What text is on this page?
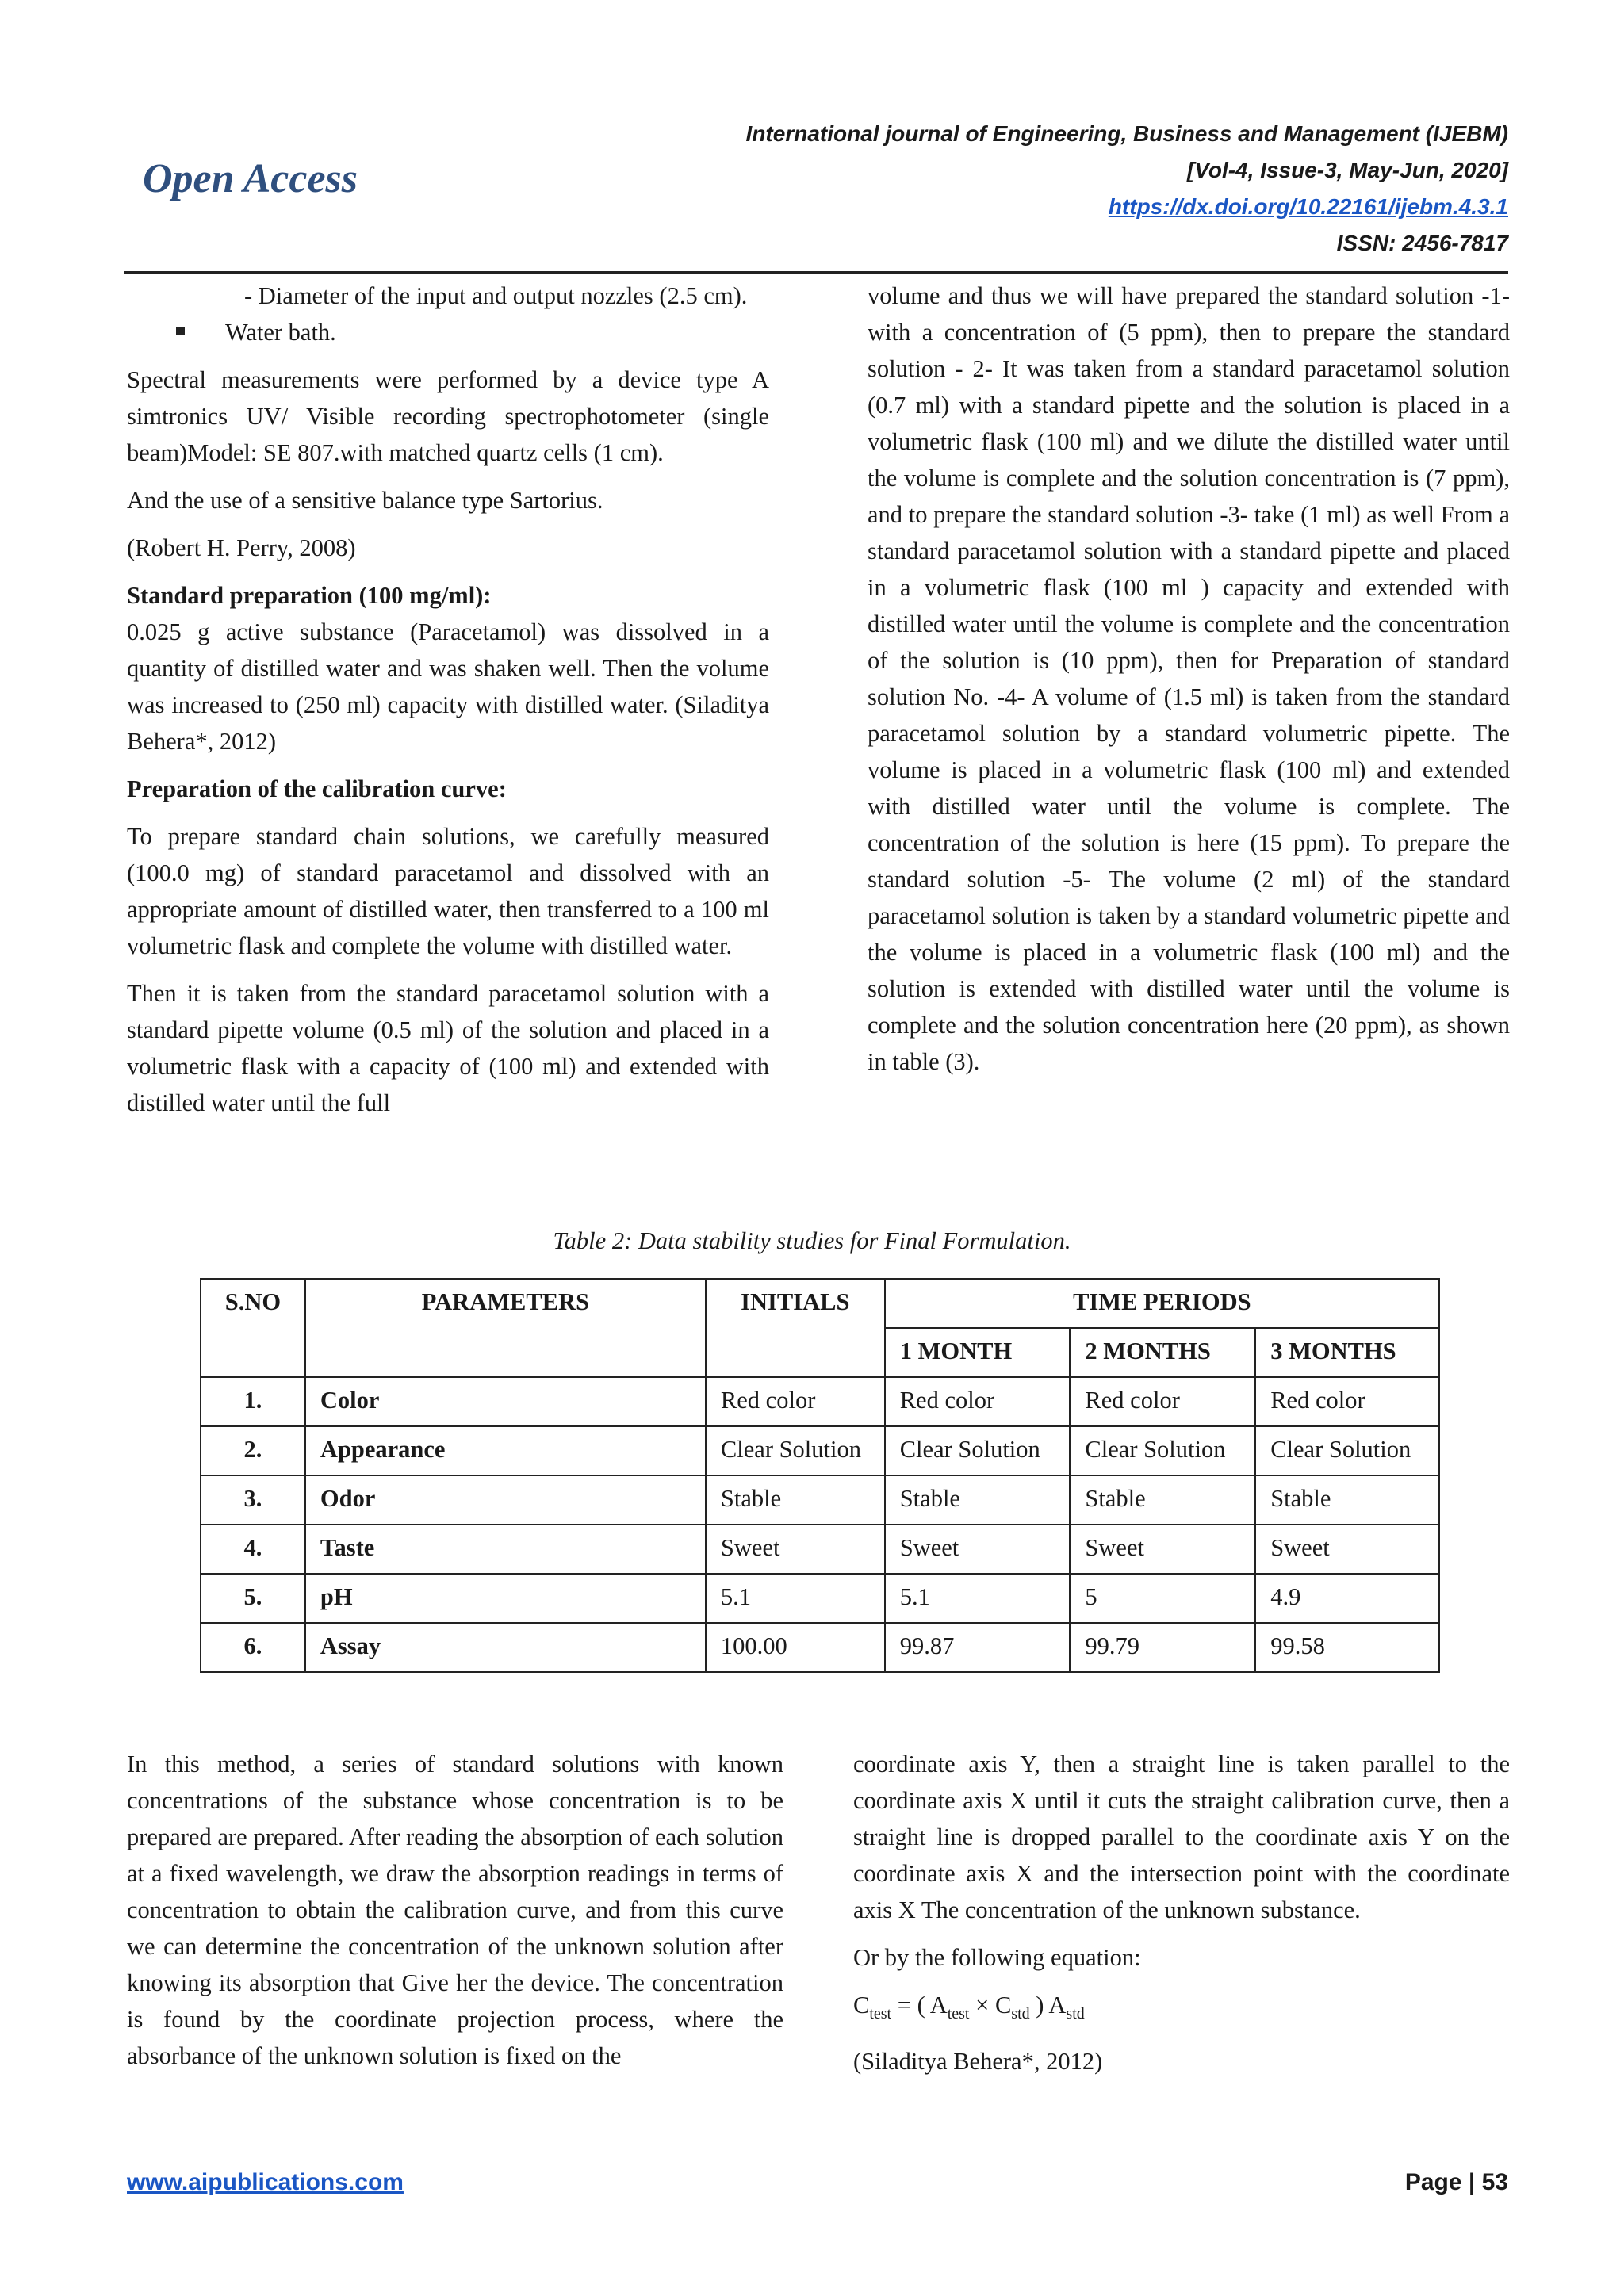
International journal of Engineering, Business and Management (IJEBM)
[Vol-4, Issue-3, May-Jun, 2020]
https://dx.doi.org/10.22161/ijebm.4.3.1
ISSN: 2456-7817
Open Access

- Diameter of the input and output nozzles (2.5 cm).

Water bath.

Spectral measurements were performed by a device type A simtronics UV/ Visible recording spectrophotometer (single beam)Model: SE 807.with matched quartz cells (1 cm).

And the use of a sensitive balance type Sartorius.

(Robert H. Perry, 2008)

Standard preparation (100 mg/ml):

0.025 g active substance (Paracetamol) was dissolved in a quantity of distilled water and was shaken well. Then the volume was increased to (250 ml) capacity with distilled water. (Siladitya Behera*, 2012)

Preparation of the calibration curve:

To prepare standard chain solutions, we carefully measured (100.0 mg) of standard paracetamol and dissolved with an appropriate amount of distilled water, then transferred to a 100 ml volumetric flask and complete the volume with distilled water.

Then it is taken from the standard paracetamol solution with a standard pipette volume (0.5 ml) of the solution and placed in a volumetric flask with a capacity of (100 ml) and extended with distilled water until the full

volume and thus we will have prepared the standard solution -1- with a concentration of (5 ppm), then to prepare the standard solution - 2- It was taken from a standard paracetamol solution (0.7 ml) with a standard pipette and the solution is placed in a volumetric flask (100 ml) and we dilute the distilled water until the volume is complete and the solution concentration is (7 ppm), and to prepare the standard solution -3- take (1 ml) as well From a standard paracetamol solution with a standard pipette and placed in a volumetric flask (100 ml ) capacity and extended with distilled water until the volume is complete and the concentration of the solution is (10 ppm), then for Preparation of standard solution No. -4- A volume of (1.5 ml) is taken from the standard paracetamol solution by a standard volumetric pipette. The volume is placed in a volumetric flask (100 ml) and extended with distilled water until the volume is complete. The concentration of the solution is here (15 ppm). To prepare the standard solution -5- The volume (2 ml) of the standard paracetamol solution is taken by a standard volumetric pipette and the volume is placed in a volumetric flask (100 ml) and the solution is extended with distilled water until the volume is complete and the solution concentration here (20 ppm), as shown in table (3).

Table 2: Data stability studies for Final Formulation.
S.NO	PARAMETERS	INITIALS	TIME PERIODS		
			1 MONTH	2 MONTHS	3 MONTHS
1.	Color	Red color	Red color	Red color	Red color
2.	Appearance	Clear Solution	Clear Solution	Clear Solution	Clear Solution
3.	Odor	Stable	Stable	Stable	Stable
4.	Taste	Sweet	Sweet	Sweet	Sweet
5.	pH	5.1	5.1	5	4.9
6.	Assay	100.00	99.87	99.79	99.58

In this method, a series of standard solutions with known concentrations of the substance whose concentration is to be prepared are prepared. After reading the absorption of each solution at a fixed wavelength, we draw the absorption readings in terms of concentration to obtain the calibration curve, and from this curve we can determine the concentration of the unknown solution after knowing its absorption that Give her the device. The concentration is found by the coordinate projection process, where the absorbance of the unknown solution is fixed on the

coordinate axis Y, then a straight line is taken parallel to the coordinate axis X until it cuts the straight calibration curve, then a straight line is dropped parallel to the coordinate axis Y on the coordinate axis X and the intersection point with the coordinate axis X The concentration of the unknown substance.

Or by the following equation:

$C_{test}$ = ( $A_{test} \times C_{std}$ ) $A_{std}$

(Siladitya Behera*, 2012)

www.aipublications.com	Page | 53
